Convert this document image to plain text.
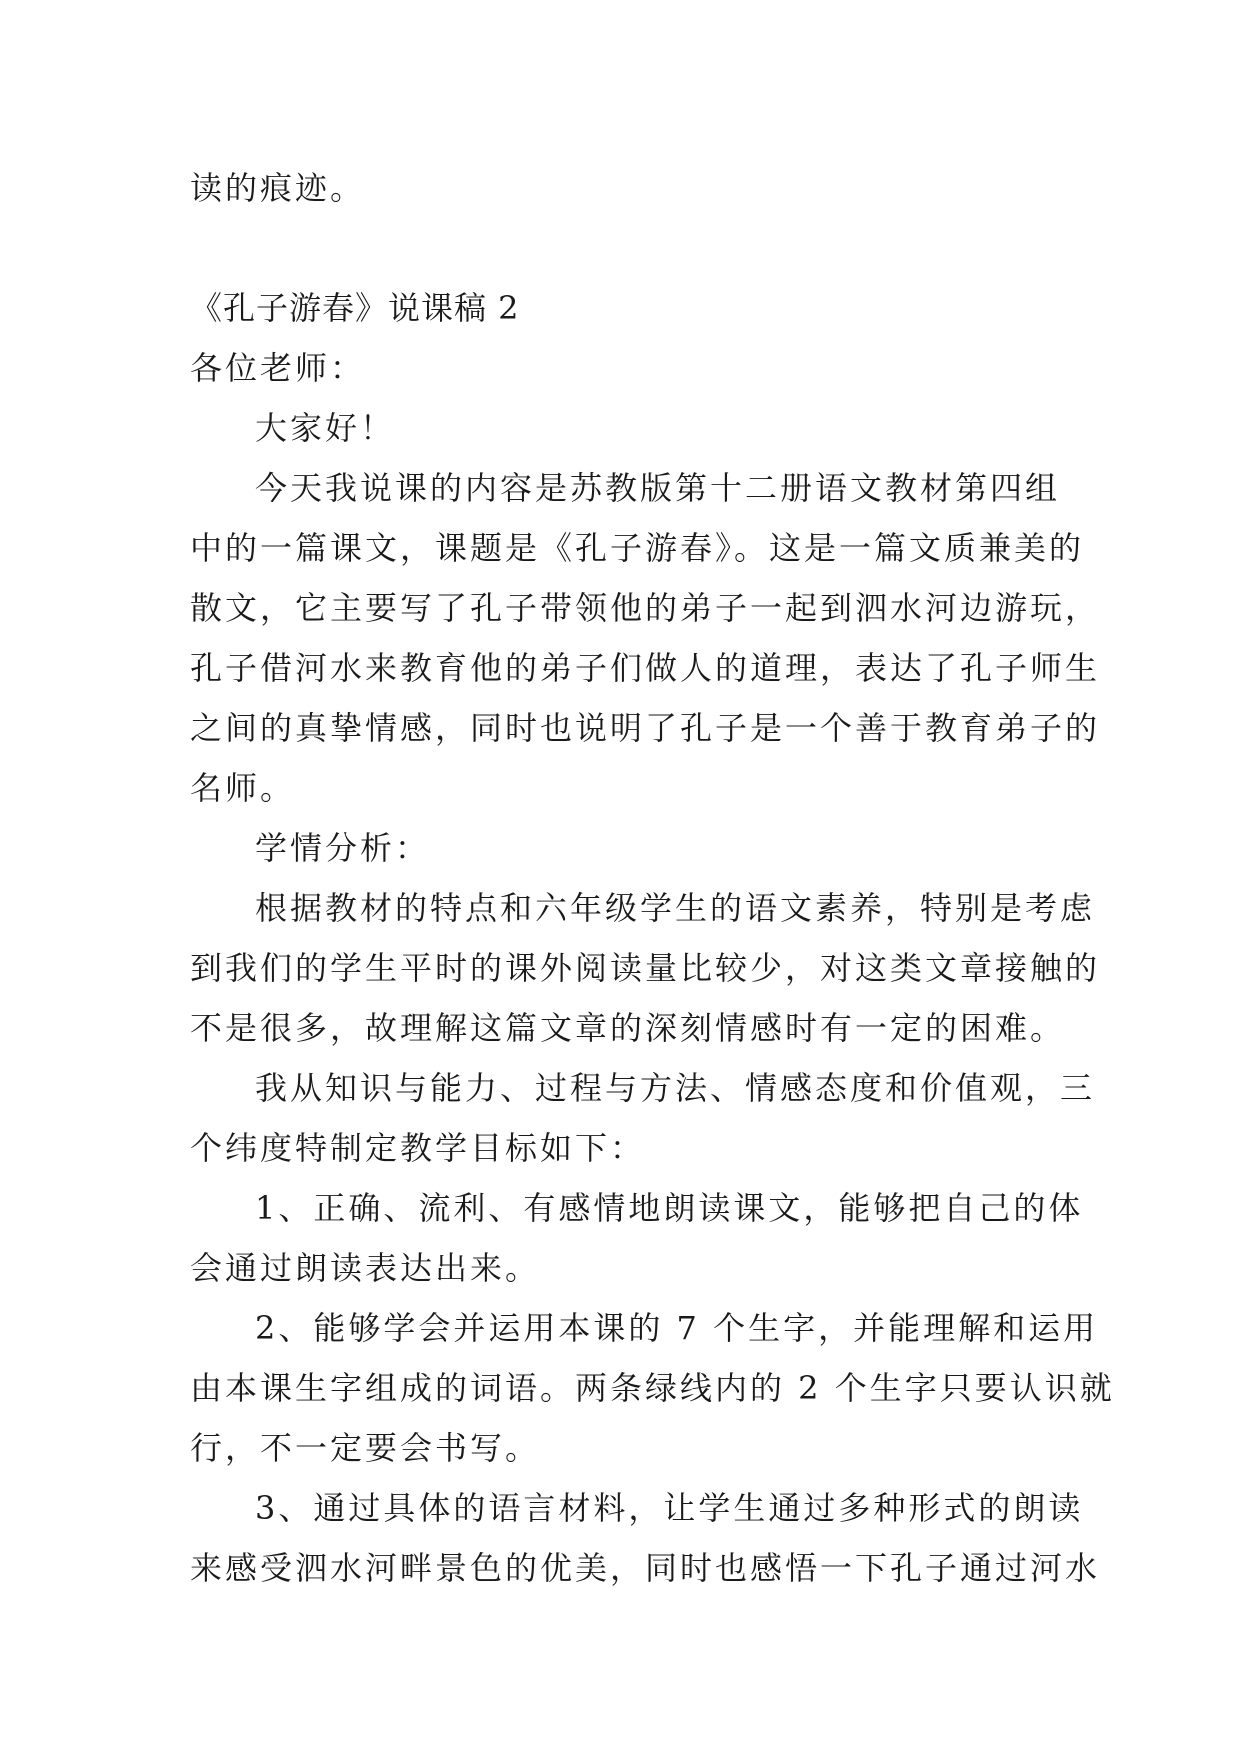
读的痕迹。
《孔子游春》说课稿 2
各位老师：
大家好！
今天我说课的内容是苏教版第十二册语文教材第四组
中的一篇课文，课题是《孔子游春》。这是一篇文质兼美的
散文，它主要写了孔子带领他的弟子一起到泗水河边游玩，
孔子借河水来教育他的弟子们做人的道理，表达了孔子师生
之间的真挚情感，同时也说明了孔子是一个善于教育弟子的
名师。
学情分析：
根据教材的特点和六年级学生的语文素养，特别是考虑
到我们的学生平时的课外阅读量比较少，对这类文章接触的
不是很多，故理解这篇文章的深刻情感时有一定的困难。
我从知识与能力、过程与方法、情感态度和价值观，三
个纬度特制定教学目标如下：
1、正确、流利、有感情地朗读课文，能够把自己的体
会通过朗读表达出来。
2、能够学会并运用本课的 7 个生字，并能理解和运用
由本课生字组成的词语。两条绿线内的 2 个生字只要认识就
行，不一定要会书写。
3、通过具体的语言材料，让学生通过多种形式的朗读
来感受泗水河畔景色的优美，同时也感悟一下孔子通过河水
